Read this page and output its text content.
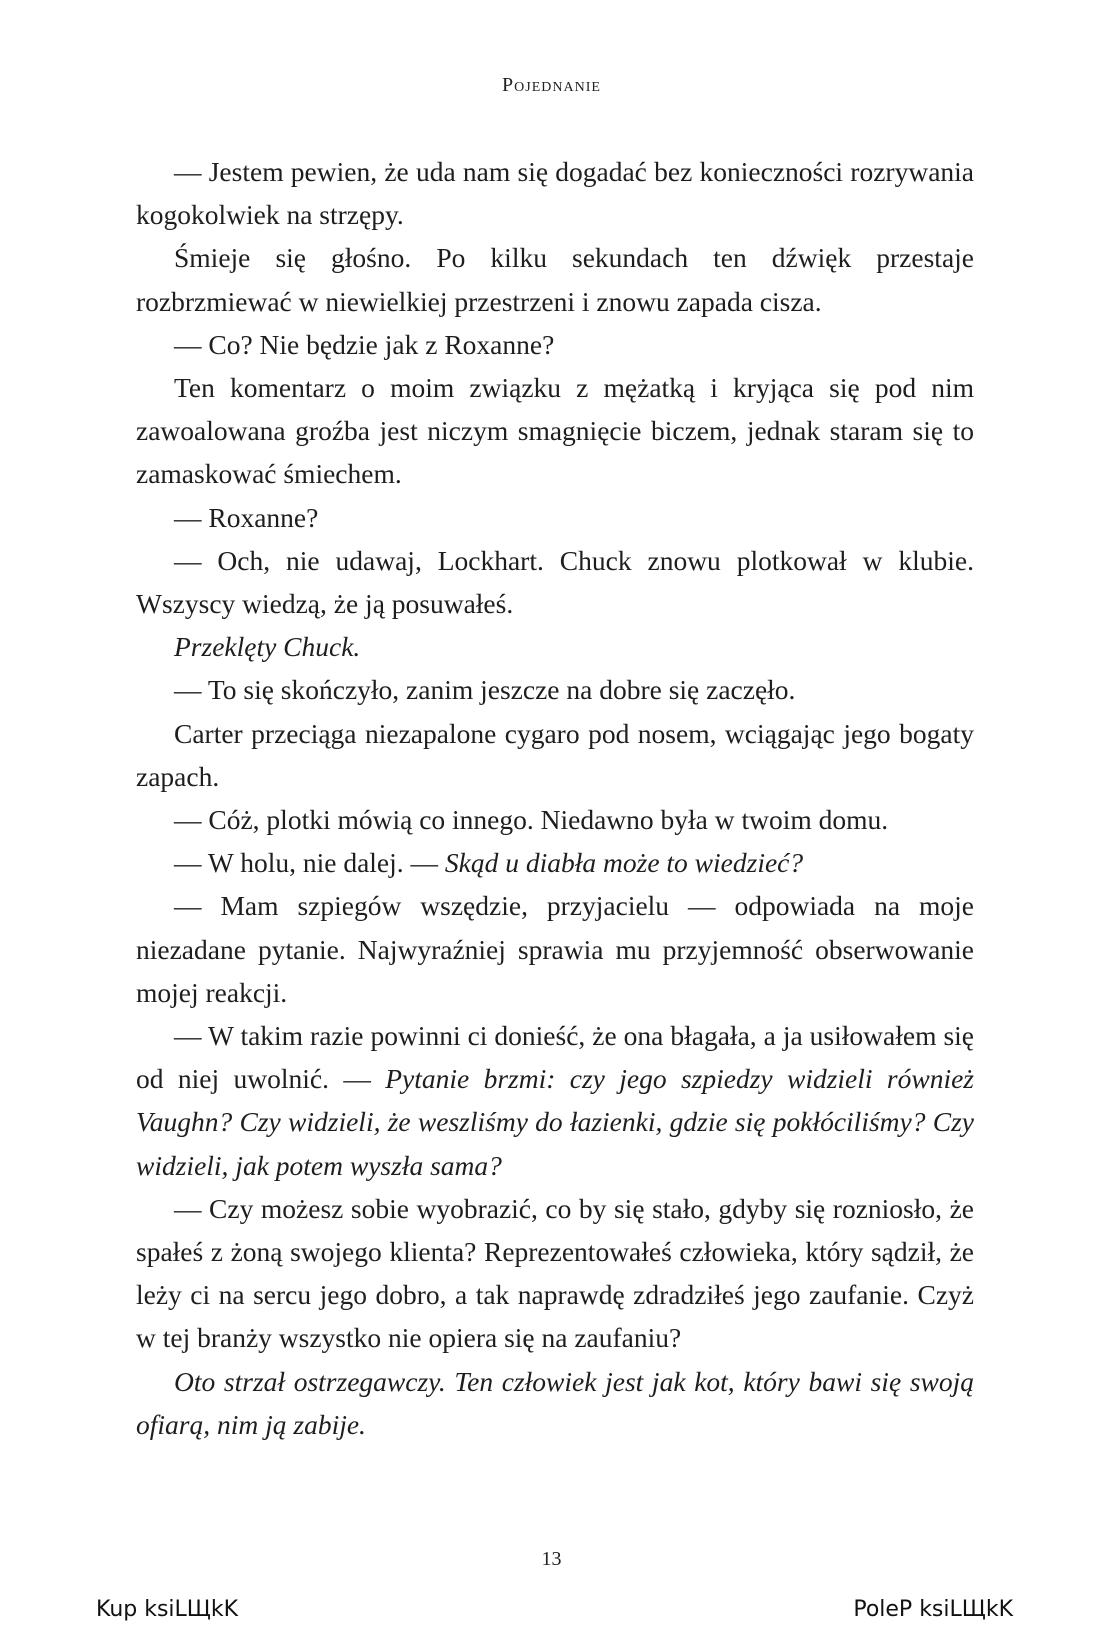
Pojednanie

— Jestem pewien, że uda nam się dogadać bez konieczności rozrywania kogokolwiek na strzępy.

Śmieje się głośno. Po kilku sekundach ten dźwięk przestaje rozbrzmiewać w niewielkiej przestrzeni i znowu zapada cisza.

— Co? Nie będzie jak z Roxanne?

Ten komentarz o moim związku z mężatką i kryjąca się pod nim zawoalowana groźba jest niczym smagnięcie biczem, jednak staram się to zamaskować śmiechem.

— Roxanne?

— Och, nie udawaj, Lockhart. Chuck znowu plotkował w klubie. Wszyscy wiedzą, że ją posuwałeś.

Przeklęty Chuck.

— To się skończyło, zanim jeszcze na dobre się zaczęło.

Carter przeciąga niezapalone cygaro pod nosem, wciągając jego bogaty zapach.

— Cóż, plotki mówią co innego. Niedawno była w twoim domu.

— W holu, nie dalej. — Skąd u diabła może to wiedzieć?

— Mam szpiegów wszędzie, przyjacielu — odpowiada na moje niezadane pytanie. Najwyraźniej sprawia mu przyjemność obserwowanie mojej reakcji.

— W takim razie powinni ci donieść, że ona błagała, a ja usiłowałem się od niej uwolnić. — Pytanie brzmi: czy jego szpiedzy widzieli również Vaughn? Czy widzieli, że weszliśmy do łazienki, gdzie się pokłóciliśmy? Czy widzieli, jak potem wyszła sama?

— Czy możesz sobie wyobrazić, co by się stało, gdyby się rozniosło, że spałeś z żoną swojego klienta? Reprezentowałeś człowieka, który sądził, że leży ci na sercu jego dobro, a tak naprawdę zdradziłeś jego zaufanie. Czyż w tej branży wszystko nie opiera się na zaufaniu?

Oto strzał ostrzegawczy. Ten człowiek jest jak kot, który bawi się swoją ofiarą, nim ją zabije.

13
Kup ksiLЩkK	PoleP ksiLЩkK
